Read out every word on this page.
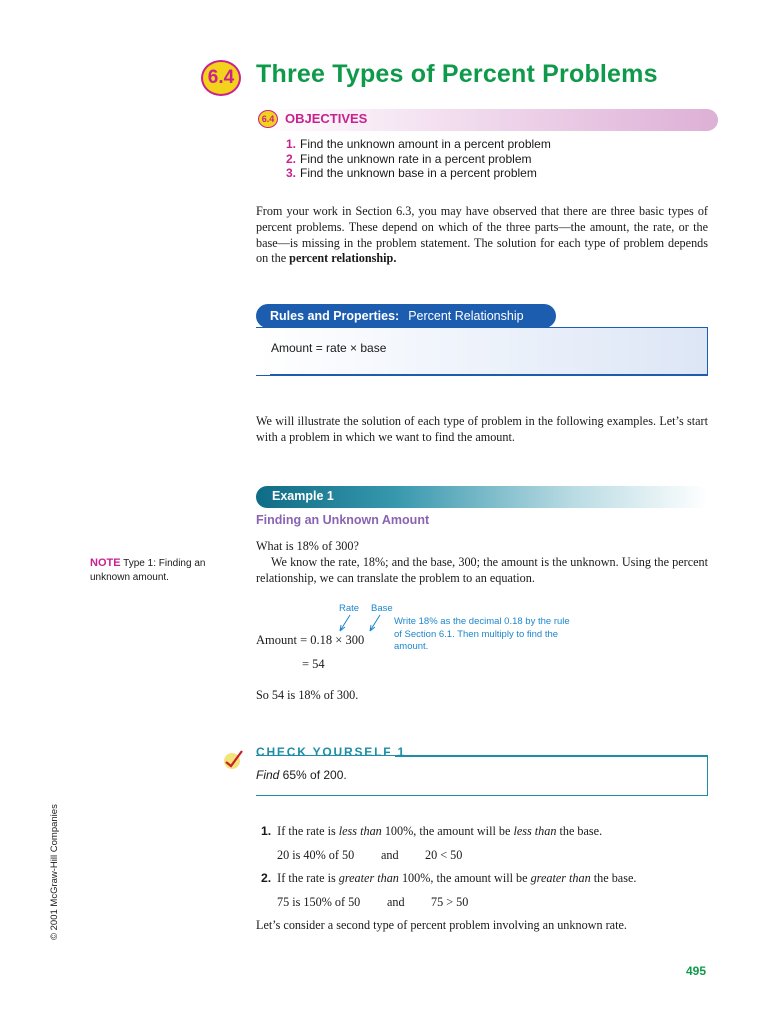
6.4 Three Types of Percent Problems
6.4 OBJECTIVES
1. Find the unknown amount in a percent problem
2. Find the unknown rate in a percent problem
3. Find the unknown base in a percent problem
From your work in Section 6.3, you may have observed that there are three basic types of percent problems. These depend on which of the three parts—the amount, the rate, or the base—is missing in the problem statement. The solution for each type of problem depends on the percent relationship.
Rules and Properties: Percent Relationship
Amount = rate × base
We will illustrate the solution of each type of problem in the following examples. Let’s start with a problem in which we want to find the amount.
Example 1
Finding an Unknown Amount
NOTE Type 1: Finding an unknown amount.
What is 18% of 300?
We know the rate, 18%; and the base, 300; the amount is the unknown. Using the percent relationship, we can translate the problem to an equation.
Rate Base
Write 18% as the decimal 0.18 by the rule of Section 6.1. Then multiply to find the amount.
Amount = 0.18 × 300
= 54
So 54 is 18% of 300.
CHECK YOURSELF 1
Find 65% of 200.
1. If the rate is less than 100%, the amount will be less than the base.
20 is 40% of 50 and 20 < 50
2. If the rate is greater than 100%, the amount will be greater than the base.
75 is 150% of 50 and 75 > 50
Let’s consider a second type of percent problem involving an unknown rate.
© 2001 McGraw-Hill Companies
495
